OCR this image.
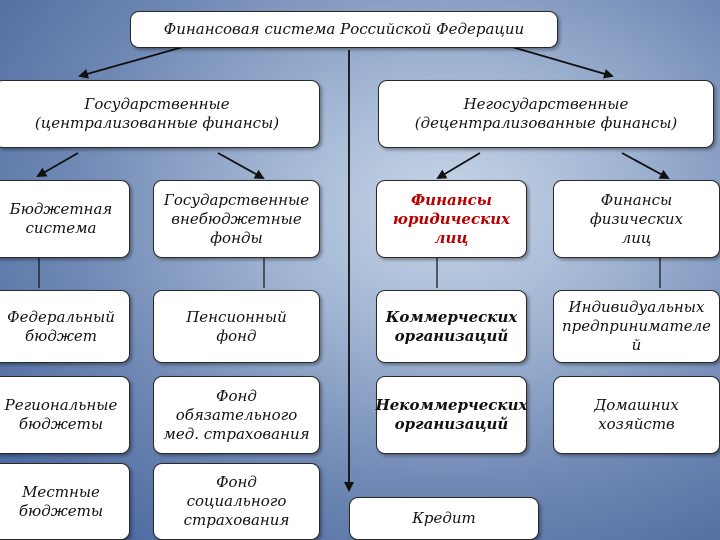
Финансовая система Российской Федерации
Государственные
(централизованные финансы)
Негосударственные
(децентрализованные финансы)
Бюджетная
система
Государственные
внебюджетные
фонды
Финансы
юридических
лиц
Финансы
физических
лиц
Федеральный
бюджет
Пенсионный
фонд
Коммерческих
организаций
Индивидуальных
предпринимателе
й
Региональные
бюджеты
Фонд
обязательного
мед. страхования
Некоммерческих
организаций
Домашних
хозяйств
Местные
бюджеты
Фонд
социального
страхования	Кредит
